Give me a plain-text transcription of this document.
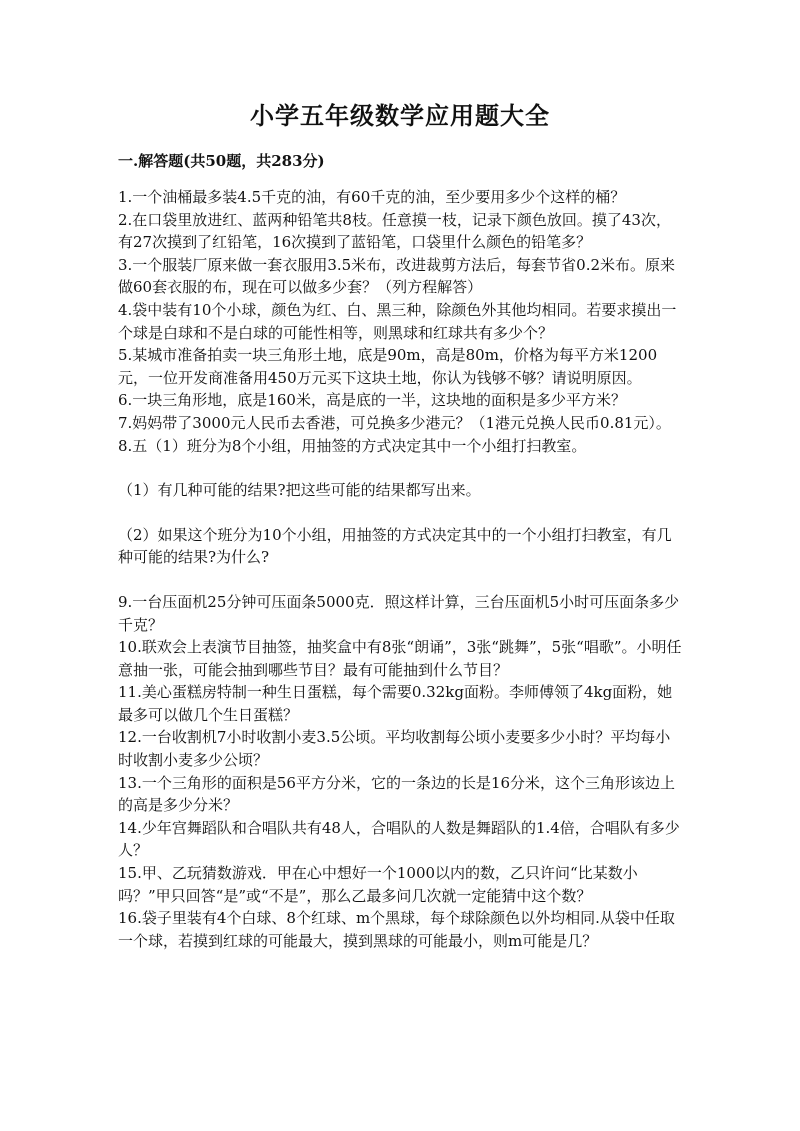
小学五年级数学应用题大全
一.解答题(共50题，共283分)

1.一个油桶最多装4.5千克的油，有60千克的油，至少要用多少个这样的桶？

2.在口袋里放进红、蓝两种铅笔共8枝。任意摸一枝，记录下颜色放回。摸了43次，有27次摸到了红铅笔，16次摸到了蓝铅笔，口袋里什么颜色的铅笔多？

3.一个服装厂原来做一套衣服用3.5米布，改进裁剪方法后，每套节省0.2米布。原来做60套衣服的布，现在可以做多少套？（列方程解答）

4.袋中装有10个小球，颜色为红、白、黑三种，除颜色外其他均相同。若要求摸出一个球是白球和不是白球的可能性相等，则黑球和红球共有多少个？

5.某城市准备拍卖一块三角形土地，底是90m，高是80m，价格为每平方米1200元，一位开发商准备用450万元买下这块土地，你认为钱够不够？请说明原因。

6.一块三角形地，底是160米，高是底的一半，这块地的面积是多少平方米？

7.妈妈带了3000元人民币去香港，可兑换多少港元？（1港元兑换人民币0.81元）。

8.五（1）班分为8个小组，用抽签的方式决定其中一个小组打扫教室。

（1）有几种可能的结果?把这些可能的结果都写出来。

（2）如果这个班分为10个小组，用抽签的方式决定其中的一个小组打扫教室，有几种可能的结果?为什么?

9.一台压面机25分钟可压面条5000克．照这样计算，三台压面机5小时可压面条多少千克？

10.联欢会上表演节目抽签，抽奖盒中有8张“朗诵”，3张“跳舞”，5张“唱歌”。小明任意抽一张，可能会抽到哪些节目？最有可能抽到什么节目？

11.美心蛋糕房特制一种生日蛋糕，每个需要0.32kg面粉。李师傅领了4kg面粉，她最多可以做几个生日蛋糕？

12.一台收割机7小时收割小麦3.5公顷。平均收割每公顷小麦要多少小时？平均每小时收割小麦多少公顷？

13.一个三角形的面积是56平方分米，它的一条边的长是16分米，这个三角形该边上的高是多少分米？

14.少年宫舞蹈队和合唱队共有48人，合唱队的人数是舞蹈队的1.4倍，合唱队有多少人？

15.甲、乙玩猜数游戏．甲在心中想好一个1000以内的数，乙只许问“比某数小吗？”甲只回答“是”或“不是”，那么乙最多问几次就一定能猜中这个数？

16.袋子里装有4个白球、8个红球、m个黑球，每个球除颜色以外均相同.从袋中任取一个球，若摸到红球的可能最大，摸到黑球的可能最小，则m可能是几？
